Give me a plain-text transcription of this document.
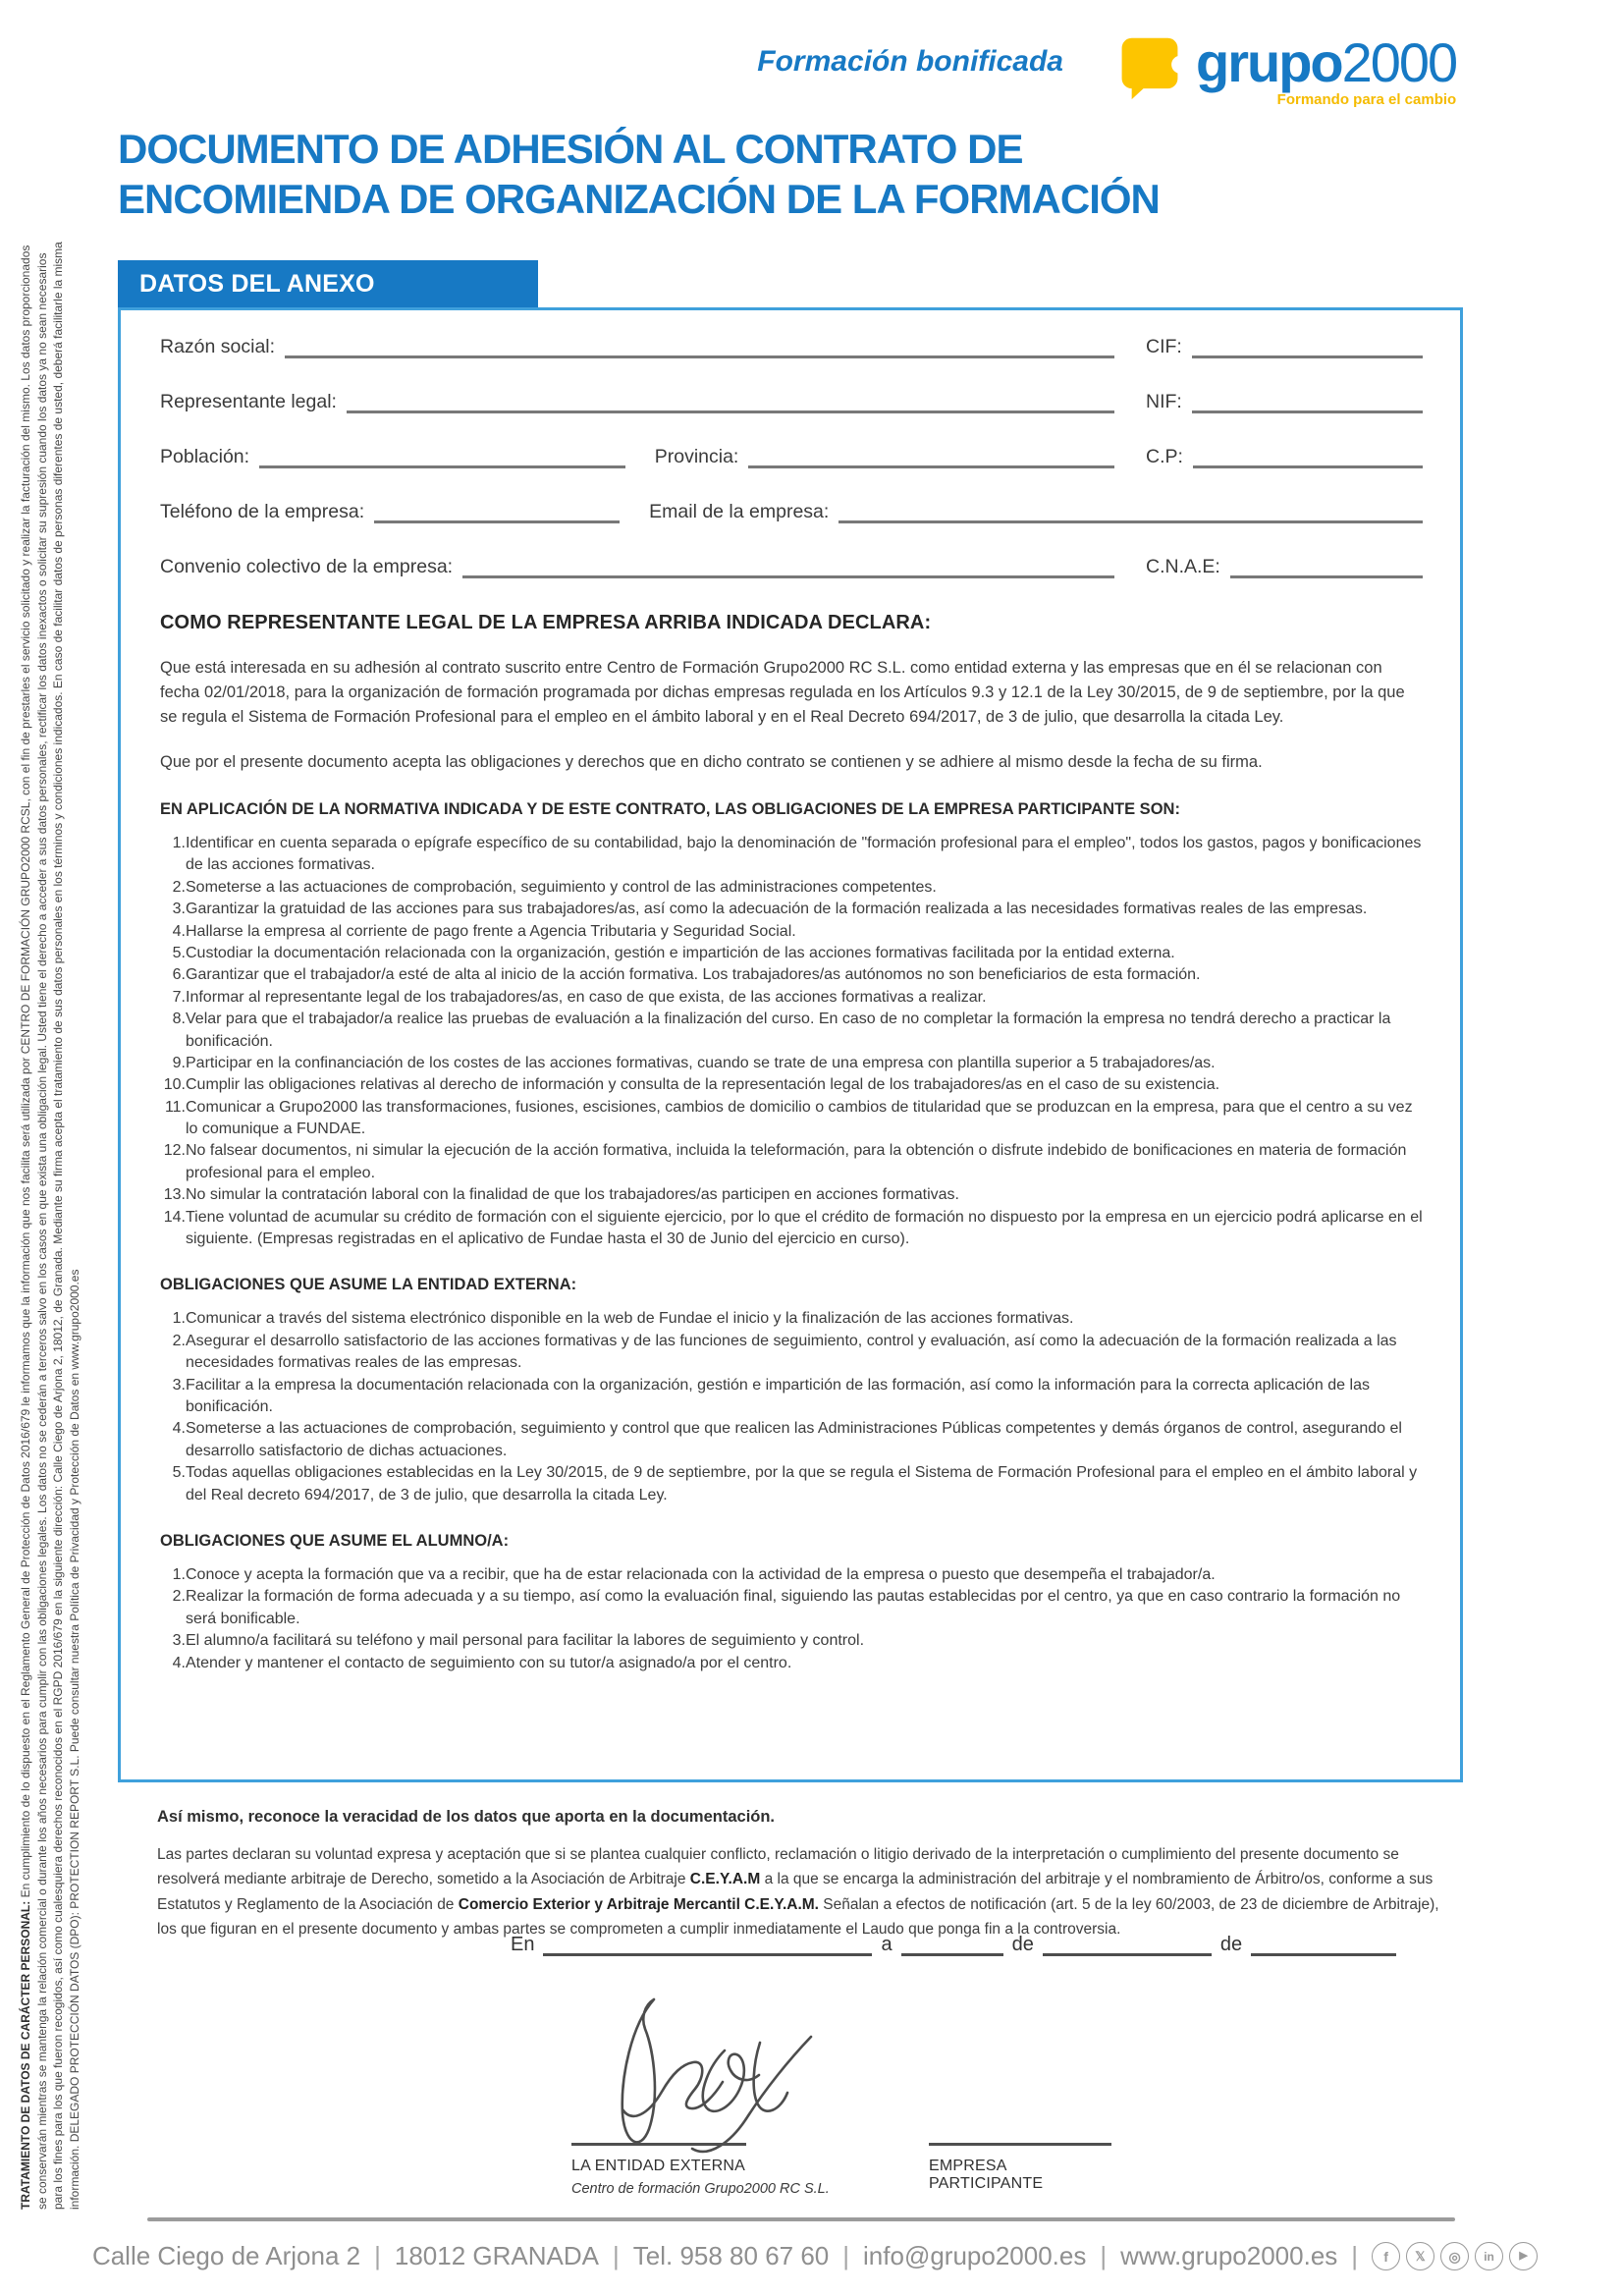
TRATAMIENTO DE DATOS DE CARÁCTER PERSONAL: En cumplimiento de lo dispuesto en el Reglamento General de Protección de Datos 2016/679 le informamos que la información que nos facilita será utilizada por CENTRO DE FORMACIÓN GRUPO2000 RCSL, con el fin de prestarles el servicio solicitado y realizar la facturación del mismo. Los datos proporcionados se conservarán mientras se mantenga la relación comercial o durante los años necesarios para cumplir con las obligaciones legales. Los datos no se cederán a terceros salvo en los casos en que exista una obligación legal. Usted tiene el derecho a acceder a sus datos personales, rectificar los datos inexactos o solicitar su supresión cuando los datos ya no sean necesarios para los fines para los que fueron recogidos, así como cualesquiera derechos reconocidos en el RGPD 2016/679 en la siguiente dirección: Calle Ciego de Arjona 2, 18012, de Granada. Mediante su firma acepta el tratamiento de sus datos personales en los términos y condiciones indicados. En caso de facilitar datos de personas diferentes de usted, deberá facilitarle la misma información. DELEGADO PROTECCIÓN DATOS (DPO): PROTECTION REPORT S.L. Puede consultar nuestra Política de Privacidad y Protección de Datos en www.grupo2000.es
Formación bonificada grupo2000
Formando para el cambio
DOCUMENTO DE ADHESIÓN AL CONTRATO DE
ENCOMIENDA DE ORGANIZACIÓN DE LA FORMACIÓN
DATOS DEL ANEXO
Razón social:	CIF:
Representante legal:	NIF:
Población:	Provincia:	C.P:
Teléfono de la empresa:	Email de la empresa:
Convenio colectivo de la empresa:	C.N.A.E:
COMO REPRESENTANTE LEGAL DE LA EMPRESA ARRIBA INDICADA DECLARA:
Que está interesada en su adhesión al contrato suscrito entre Centro de Formación Grupo2000 RC S.L. como entidad externa y las empresas que en él se relacionan con fecha 02/01/2018, para la organización de formación programada por dichas empresas regulada en los Artículos 9.3 y 12.1 de la Ley 30/2015, de 9 de septiembre, por la que se regula el Sistema de Formación Profesional para el empleo en el ámbito laboral y en el Real Decreto 694/2017, de 3 de julio, que desarrolla la citada Ley.
Que por el presente documento acepta las obligaciones y derechos que en dicho contrato se contienen y se adhiere al mismo desde la fecha de su firma.
EN APLICACIÓN DE LA NORMATIVA INDICADA Y DE ESTE CONTRATO, LAS OBLIGACIONES DE LA EMPRESA PARTICIPANTE SON:
Identificar en cuenta separada o epígrafe específico de su contabilidad, bajo la denominación de "formación profesional para el empleo", todos los gastos, pagos y bonificaciones de las acciones formativas.
Someterse a las actuaciones de comprobación, seguimiento y control de las administraciones competentes.
Garantizar la gratuidad de las acciones para sus trabajadores/as, así como la adecuación de la formación realizada a las necesidades formativas reales de las empresas.
Hallarse la empresa al corriente de pago frente a Agencia Tributaria y Seguridad Social.
Custodiar la documentación relacionada con la organización, gestión e impartición de las acciones formativas facilitada por la entidad externa.
Garantizar que el trabajador/a esté de alta al inicio de la acción formativa. Los trabajadores/as autónomos no son beneficiarios de esta formación.
Informar al representante legal de los trabajadores/as, en caso de que exista, de las acciones formativas a realizar.
Velar para que el trabajador/a realice las pruebas de evaluación a la finalización del curso. En caso de no completar la formación la empresa no tendrá derecho a practicar la bonificación.
Participar en la confinanciación de los costes de las acciones formativas, cuando se trate de una empresa con plantilla superior a 5 trabajadores/as.
Cumplir las obligaciones relativas al derecho de información y consulta de la representación legal de los trabajadores/as en el caso de su existencia.
Comunicar a Grupo2000 las transformaciones, fusiones, escisiones, cambios de domicilio o cambios de titularidad que se produzcan en la empresa, para que el centro a su vez lo comunique a FUNDAE.
No falsear documentos, ni simular la ejecución de la acción formativa, incluida la teleformación, para la obtención o disfrute indebido de bonificaciones en materia de formación profesional para el empleo.
No simular la contratación laboral con la finalidad de que los trabajadores/as participen en acciones formativas.
Tiene voluntad de acumular su crédito de formación con el siguiente ejercicio, por lo que el crédito de formación no dispuesto por la empresa en un ejercicio podrá aplicarse en el siguiente. (Empresas registradas en el aplicativo de Fundae hasta el 30 de Junio del ejercicio en curso).
OBLIGACIONES QUE ASUME LA ENTIDAD EXTERNA:
Comunicar a través del sistema electrónico disponible en la web de Fundae el inicio y la finalización de las acciones formativas.
Asegurar el desarrollo satisfactorio de las acciones formativas y de las funciones de seguimiento, control y evaluación, así como la adecuación de la formación realizada a las necesidades formativas reales de las empresas.
Facilitar a la empresa la documentación relacionada con la organización, gestión e impartición de las formación, así como la información para la correcta aplicación de las bonificación.
Someterse a las actuaciones de comprobación, seguimiento y control que que realicen las Administraciones Públicas competentes y demás órganos de control, asegurando el desarrollo satisfactorio de dichas actuaciones.
Todas aquellas obligaciones establecidas en la Ley 30/2015, de 9 de septiembre, por la que se regula el Sistema de Formación Profesional para el empleo en el ámbito laboral y del Real decreto 694/2017, de 3 de julio, que desarrolla la citada Ley.
OBLIGACIONES QUE ASUME EL ALUMNO/A:
Conoce y acepta la formación que va a recibir, que ha de estar relacionada con la actividad de la empresa o puesto que desempeña el trabajador/a.
Realizar la formación de forma adecuada y a su tiempo, así como la evaluación final, siguiendo las pautas establecidas por el centro, ya que en caso contrario la formación no será bonificable.
El alumno/a facilitará su teléfono y mail personal para facilitar la labores de seguimiento y control.
Atender y mantener el contacto de seguimiento con su tutor/a asignado/a por el centro.
Así mismo, reconoce la veracidad de los datos que aporta en la documentación.
Las partes declaran su voluntad expresa y aceptación que si se plantea cualquier conflicto, reclamación o litigio derivado de la interpretación o cumplimiento del presente documento se resolverá mediante arbitraje de Derecho, sometido a la Asociación de Arbitraje C.E.Y.A.M a la que se encarga la administración del arbitraje y el nombramiento de Árbitro/os, conforme a sus Estatutos y Reglamento de la Asociación de Comercio Exterior y Arbitraje Mercantil C.E.Y.A.M. Señalan a efectos de notificación (art. 5 de la ley 60/2003, de 23 de diciembre de Arbitraje), los que figuran en el presente documento y ambas partes se comprometen a cumplir inmediatamente el Laudo que ponga fin a la controversia.
En	a	de	de
LA ENTIDAD EXTERNA
Centro de formación Grupo2000 RC S.L.
EMPRESA PARTICIPANTE
Calle Ciego de Arjona 2 | 18012 GRANADA | Tel. 958 80 67 60 | info@grupo2000.es | www.grupo2000.es |	f	𝕏	◎	in	▶
